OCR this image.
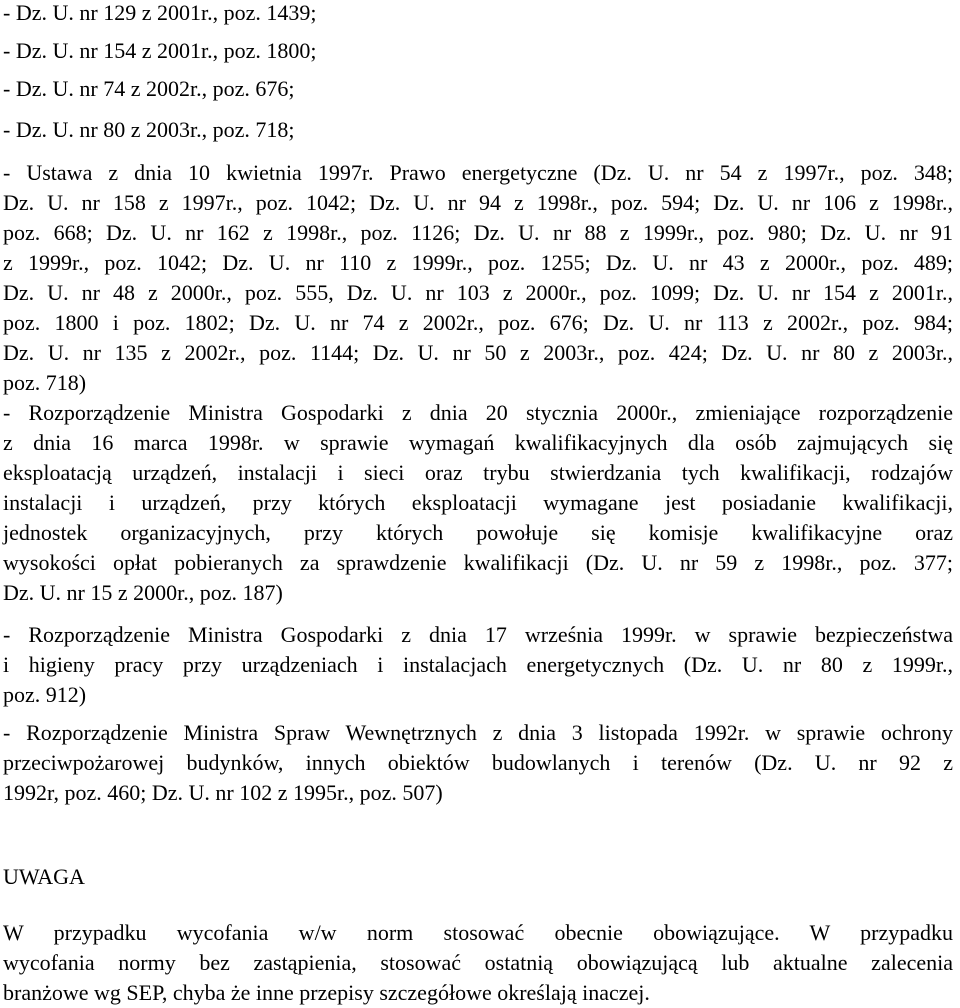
- Dz. U. nr 129 z 2001r., poz. 1439;
- Dz. U. nr 154 z 2001r., poz. 1800;
- Dz. U. nr 74 z 2002r., poz. 676;
- Dz. U. nr 80 z 2003r., poz. 718;
- Ustawa z dnia 10 kwietnia 1997r. Prawo energetyczne (Dz. U. nr 54 z 1997r., poz. 348;
Dz. U. nr 158 z 1997r., poz. 1042; Dz. U. nr 94 z 1998r., poz. 594; Dz. U. nr 106 z 1998r.,
poz. 668; Dz. U. nr 162 z 1998r., poz. 1126; Dz. U. nr 88 z 1999r., poz. 980; Dz. U. nr 91
z 1999r., poz. 1042; Dz. U. nr 110 z 1999r., poz. 1255; Dz. U. nr 43 z 2000r., poz. 489;
Dz. U. nr 48 z 2000r., poz. 555, Dz. U. nr 103 z 2000r., poz. 1099; Dz. U. nr 154 z 2001r.,
poz. 1800 i poz. 1802; Dz. U. nr 74 z 2002r., poz. 676; Dz. U. nr 113 z 2002r., poz. 984;
Dz. U. nr 135 z 2002r., poz. 1144; Dz. U. nr 50 z 2003r., poz. 424; Dz. U. nr 80 z 2003r.,
poz. 718)
- Rozporządzenie Ministra Gospodarki z dnia 20 stycznia 2000r., zmieniające rozporządzenie
z dnia 16 marca 1998r. w sprawie wymagań kwalifikacyjnych dla osób zajmujących się
eksploatacją urządzeń, instalacji i sieci oraz trybu stwierdzania tych kwalifikacji, rodzajów
instalacji i urządzeń, przy których eksploatacji wymagane jest posiadanie kwalifikacji,
jednostek organizacyjnych, przy których powołuje się komisje kwalifikacyjne oraz
wysokości opłat pobieranych za sprawdzenie kwalifikacji (Dz. U. nr 59 z 1998r., poz. 377;
Dz. U. nr 15 z 2000r., poz. 187)
- Rozporządzenie Ministra Gospodarki z dnia 17 września 1999r. w sprawie bezpieczeństwa
i higieny pracy przy urządzeniach i instalacjach energetycznych (Dz. U. nr 80 z 1999r.,
poz. 912)
- Rozporządzenie Ministra Spraw Wewnętrznych z dnia 3 listopada 1992r. w sprawie ochrony
przeciwpożarowej budynków, innych obiektów budowlanych i terenów (Dz. U. nr 92 z
1992r, poz. 460; Dz. U. nr 102 z 1995r., poz. 507)
UWAGA
W przypadku wycofania w/w norm stosować obecnie obowiązujące. W przypadku
wycofania normy bez zastąpienia, stosować ostatnią obowiązującą lub aktualne zalecenia
branżowe wg SEP, chyba że inne przepisy szczegółowe określają inaczej.
